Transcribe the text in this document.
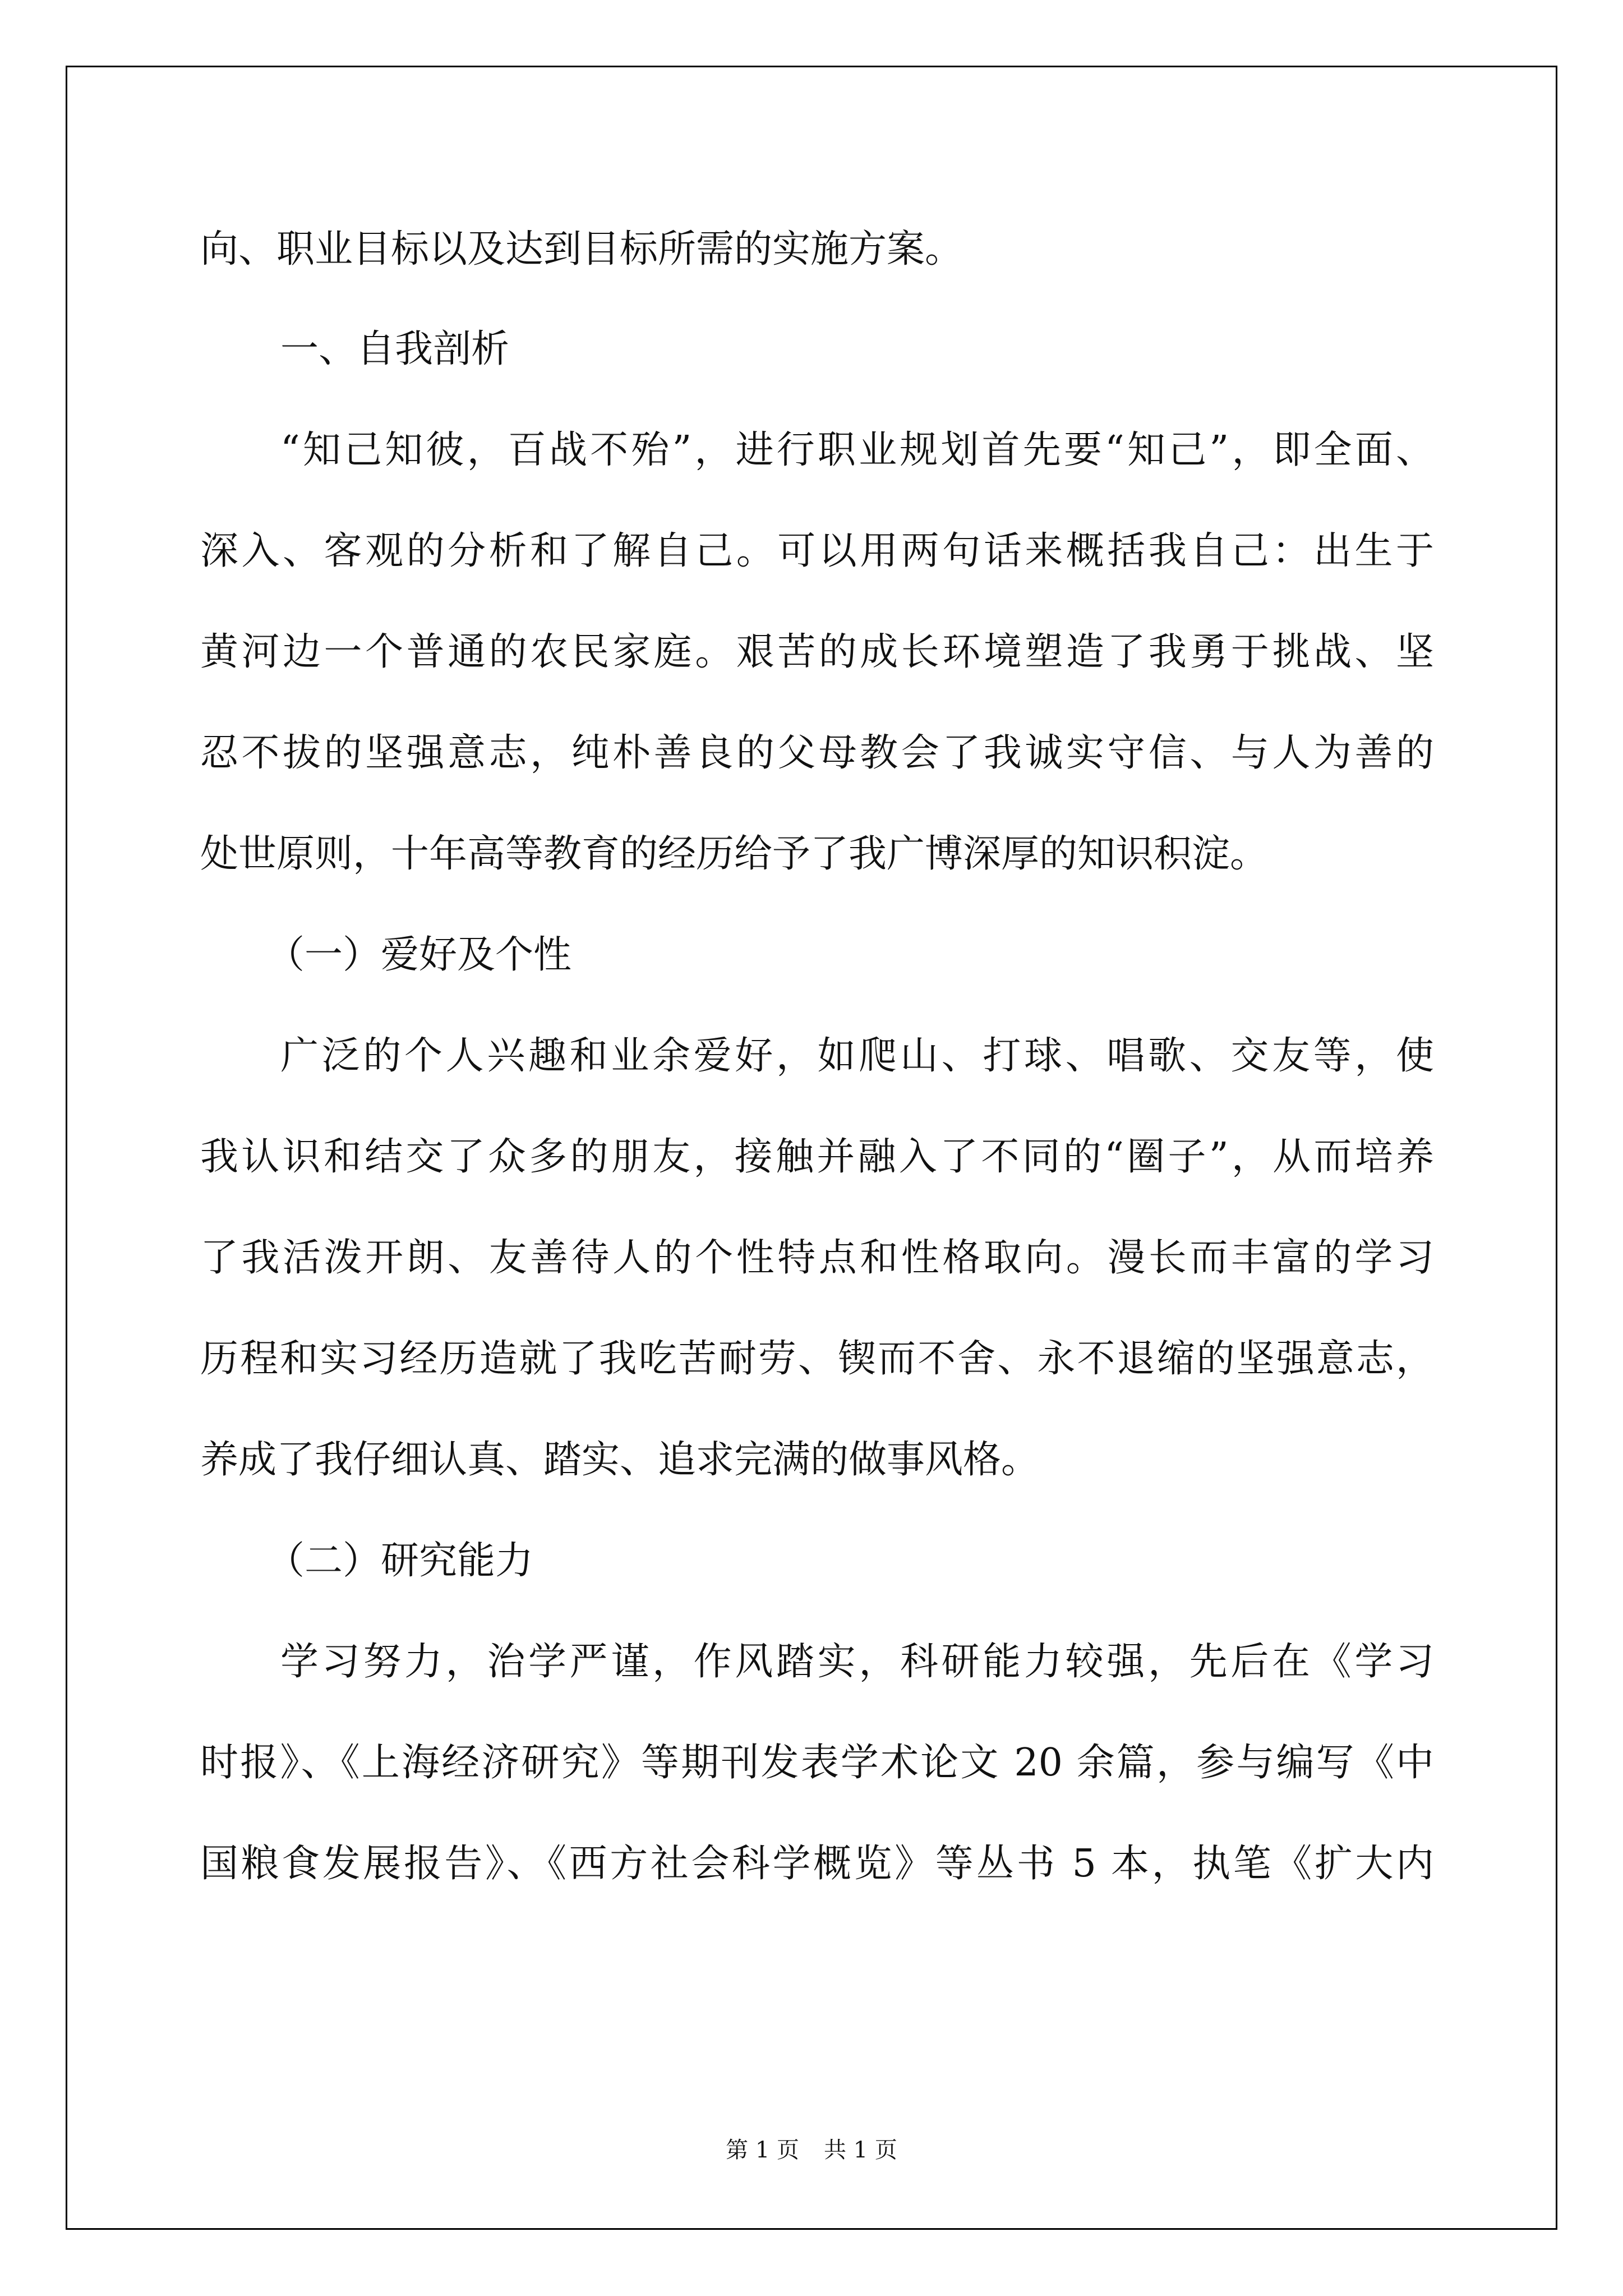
向、职业目标以及达到目标所需的实施方案。

一、自我剖析

“知己知彼，百战不殆”，进行职业规划首先要“知己”，即全面、

深入、客观的分析和了解自己。可以用两句话来概括我自己：出生于

黄河边一个普通的农民家庭。艰苦的成长环境塑造了我勇于挑战、坚

忍不拔的坚强意志，纯朴善良的父母教会了我诚实守信、与人为善的

处世原则，十年高等教育的经历给予了我广博深厚的知识积淀。

（一）爱好及个性

广泛的个人兴趣和业余爱好，如爬山、打球、唱歌、交友等，使

我认识和结交了众多的朋友，接触并融入了不同的“圈子”，从而培养

了我活泼开朗、友善待人的个性特点和性格取向。漫长而丰富的学习

历程和实习经历造就了我吃苦耐劳、锲而不舍、永不退缩的坚强意志，

养成了我仔细认真、踏实、追求完满的做事风格。

（二）研究能力

学习努力，治学严谨，作风踏实，科研能力较强，先后在《学习

时报》、《上海经济研究》等期刊发表学术论文 20 余篇，参与编写《中

国粮食发展报告》、《西方社会科学概览》等丛书 5 本，执笔《扩大内

第 1 页 共 1 页
